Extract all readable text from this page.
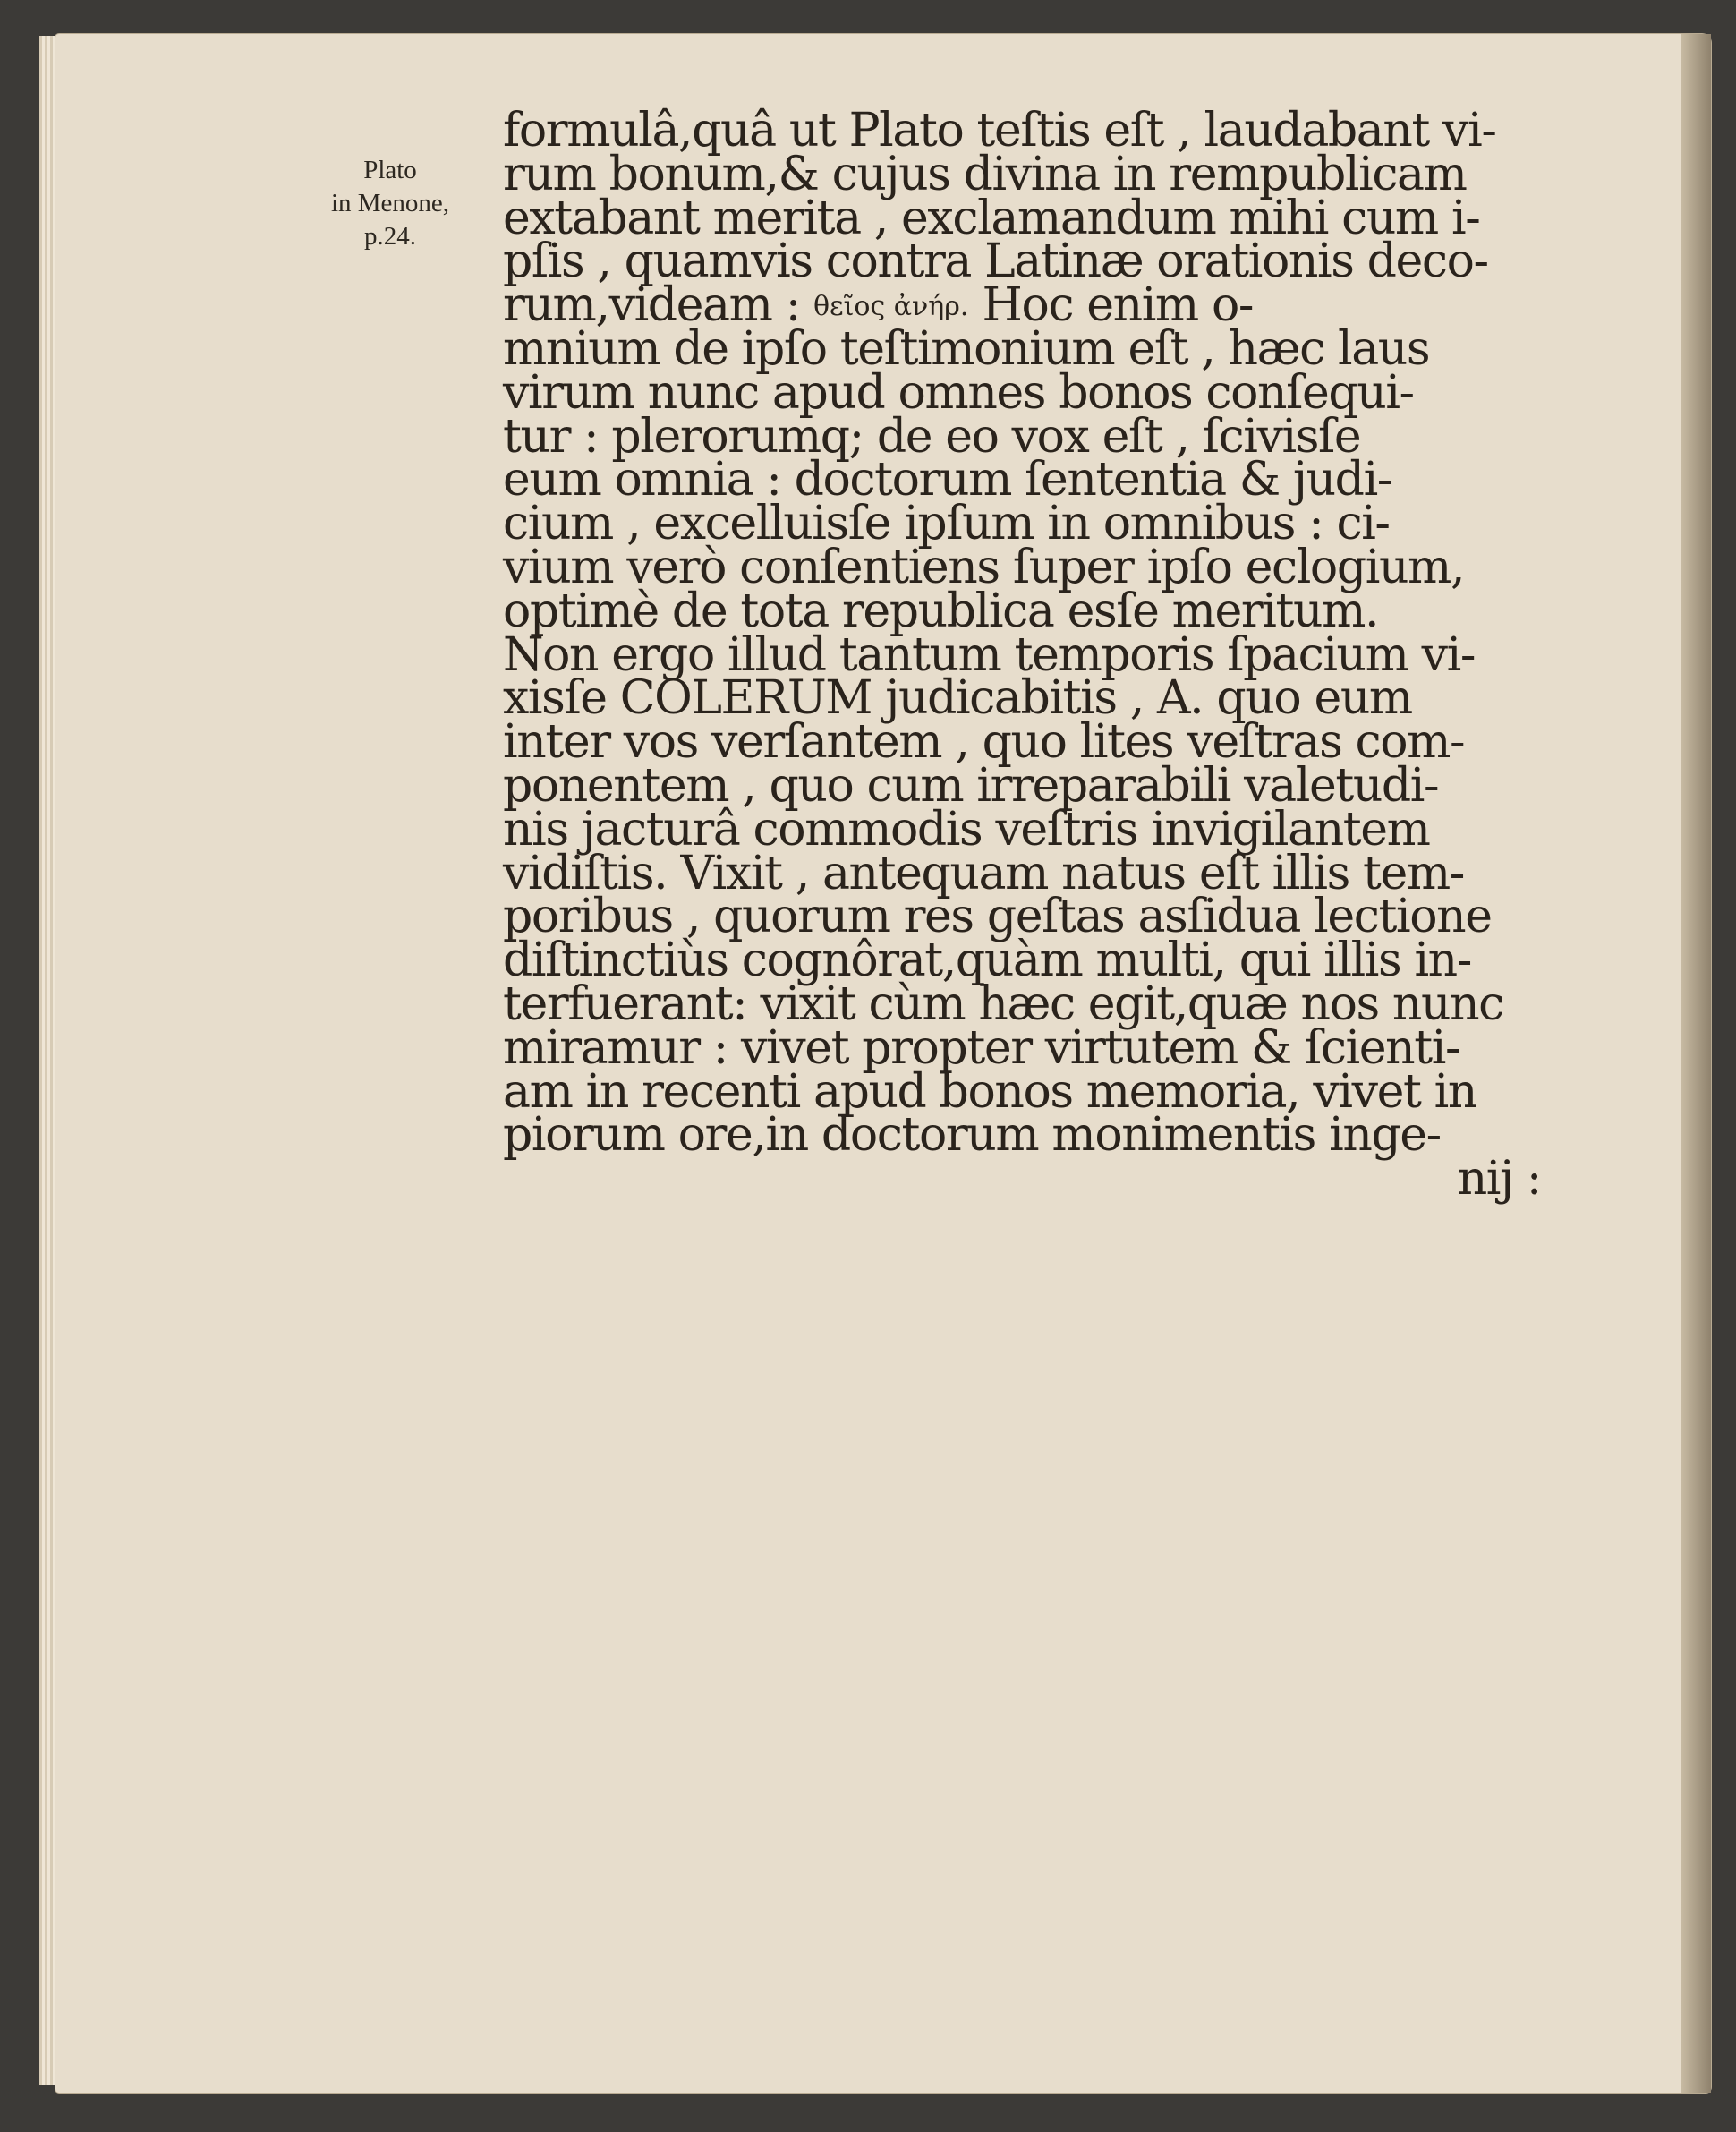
Plato
in Menone,
p.24.
formulâ,quâ ut Plato teſtis eſt , laudabant vi-
rum bonum,& cujus divina in rempublicam
extabant merita , exclamandum mihi cum i-
pſis , quamvis contra Latinæ orationis deco-
rum,videam : θεῖος ἀνήρ. Hoc enim o-
mnium de ipſo teſtimonium eſt , hæc laus
virum nunc apud omnes bonos conſequi-
tur : plerorumq; de eo vox eſt , ſcivisſe
eum omnia : doctorum ſententia & judi-
cium , excelluisſe ipſum in omnibus : ci-
vium verò conſentiens ſuper ipſo eclogium,
optimè de tota republica esſe meritum.
Non ergo illud tantum temporis ſpacium vi-
xisſe COLERUM judicabitis , A. quo eum
inter vos verſantem , quo lites veſtras com-
ponentem , quo cum irreparabili valetudi-
nis jacturâ commodis veſtris invigilantem
vidiſtis. Vixit , antequam natus eſt illis tem-
poribus , quorum res geſtas asſidua lectione
diſtinctiùs cognôrat,quàm multi, qui illis in-
terfuerant: vixit cùm hæc egit,quæ nos nunc
miramur : vivet propter virtutem & ſcienti-
am in recenti apud bonos memoria, vivet in
piorum ore,in doctorum monimentis inge-
nij :
